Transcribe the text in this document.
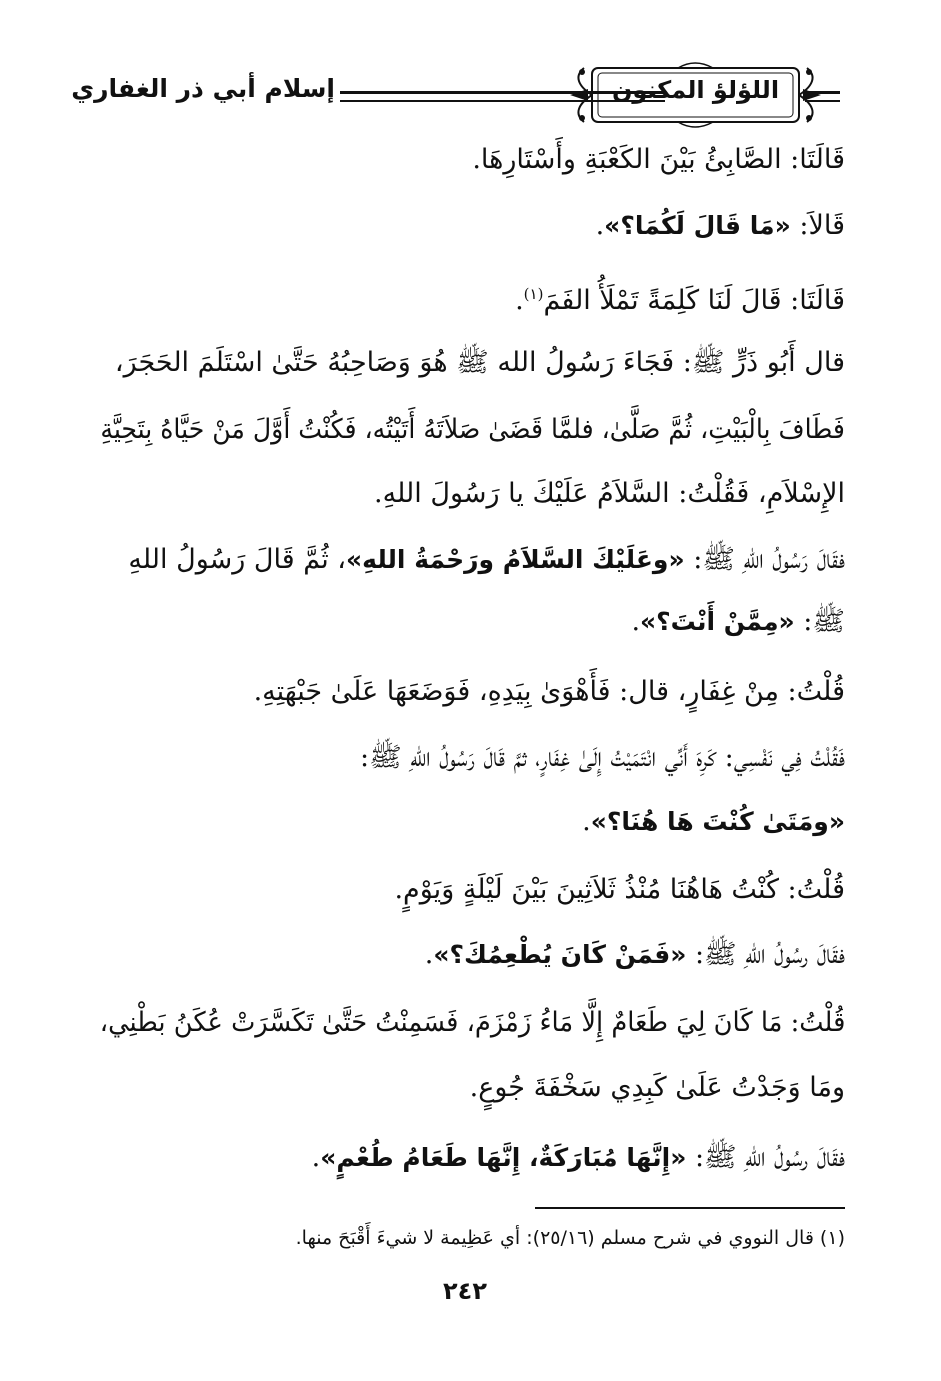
إسلام أبي ذر الغفاري	اللؤلؤ المكنون
قَالَتَا: الصَّابِئُ بَيْنَ الكَعْبَةِ وأَسْتَارِهَا.
قَالاَ: «مَا قَالَ لَكُمَا؟».
قَالَتَا: قَالَ لَنَا كَلِمَةً تَمْلَأُ الفَمَ$^{(١)}$.
قال أَبُو ذَرٍّ ﷺ: فَجَاءَ رَسُولُ الله ﷺ هُوَ وَصَاحِبُهُ حَتَّىٰ اسْتَلَمَ الحَجَرَ،
فَطَافَ بِالْبَيْتِ، ثُمَّ صَلَّىٰ، فلمَّا قَضَىٰ صَلاَتَهُ أَتَيْتُه، فَكُنْتُ أَوَّلَ مَنْ حَيَّاهُ بِتَحِيَّةِ
الإِسْلاَمِ، فَقُلْتُ: السَّلاَمُ عَلَيْكَ يا رَسُولَ اللهِ.
فقَالَ رَسُولُ اللهِ ﷺ: «وعَلَيْكَ السَّلاَمُ ورَحْمَةُ اللهِ»، ثُمَّ قَالَ رَسُولُ اللهِ
ﷺ: «مِمَّنْ أَنْتَ؟».
قُلْتُ: مِنْ غِفَارٍ، قال: فَأَهْوَىٰ بِيَدِهِ، فَوَضَعَهَا عَلَىٰ جَبْهَتِهِ.
فَقُلْتُ فِي نَفْسِي: كَرِهَ أَنِّي انْتَمَيْتُ إِلَىٰ غِفَارٍ، ثمَّ قَالَ رَسُولُ اللهِ ﷺ:
«ومَتَىٰ كُنْتَ هَا هُنَا؟».
قُلْتُ: كُنْتُ هَاهُنَا مُنْذُ ثَلاَثِينَ بَيْنَ لَيْلَةٍ وَيَوْمٍ.
فقَالَ رسُولُ اللهِ ﷺ: «فَمَنْ كَانَ يُطْعِمُكَ؟».
قُلْتُ: مَا كَانَ لِيَ طَعَامٌ إِلَّا مَاءُ زَمْزَمَ، فَسَمِنْتُ حَتَّىٰ تَكَسَّرَتْ عُكَنُ بَطْنِي،
ومَا وَجَدْتُ عَلَىٰ كَبِدِي سَخْفَةَ جُوعٍ.
فقَالَ رسُولُ اللهِ ﷺ: «إِنَّهَا مُبَارَكَةٌ، إِنَّهَا طَعَامُ طُعْمٍ».
(١) قال النووي في شرح مسلم (٢٥/١٦): أي عَظِيمة لا شيءَ أَقْبَحَ منها.
٢٤٢
